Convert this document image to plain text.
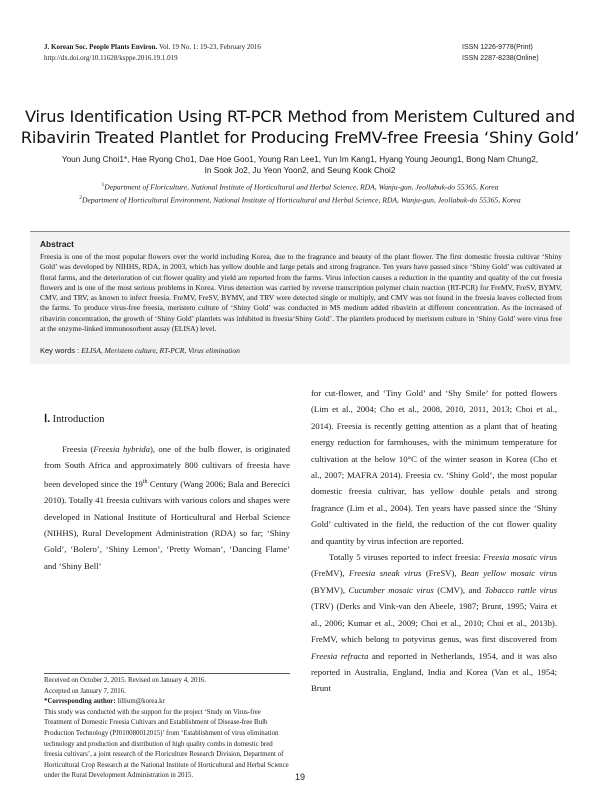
J. Korean Soc. People Plants Environ. Vol. 19 No. 1: 19-23, February 2016
http://dx.doi.org/10.11628/ksppe.2016.19.1.019
ISSN 1226-9778(Print)
ISSN 2287-8238(Online)
Virus Identification Using RT-PCR Method from Meristem Cultured and
Ribavirin Treated Plantlet for Producing FreMV-free Freesia ‘Shiny Gold’
Youn Jung Choi1*, Hae Ryong Cho1, Dae Hoe Goo1, Young Ran Lee1, Yun Im Kang1, Hyang Young Jeoung1, Bong Nam Chung2,
In Sook Jo2, Ju Yeon Yoon2, and Seung Kook Choi2
$^1$Department of Floriculture, National Institute of Horticultural and Herbal Science, RDA, Wanju-gun, Jeollabuk-do 55365, Korea
$^2$Department of Horticultural Environment, National Institute of Horticultural and Herbal Science, RDA, Wanju-gun, Jeollabuk-do 55365, Korea
Abstract
Freesia is one of the most popular flowers over the world including Korea, due to the fragrance and beauty of the plant flower. The first domestic freesia cultivar ‘Shiny Gold’ was developed by NIHHS, RDA, in 2003, which has yellow double and large petals and strong fragrance. Ten years have passed since ‘Shiny Gold’ was cultivated at floral farms, and the deterioration of cut flower quality and yield are reported from the farms. Virus infection causes a reduction in the quantity and quality of the cut freesia flowers and is one of the most serious problems in Korea. Virus detection was carried by reverse transcription polymer chain reaction (RT-PCR) for FreMV, FreSV, BYMV, CMV, and TRV, as known to infect freesia. FreMV, FreSV, BYMV, and TRV were detected single or multiply, and CMV was not found in the freesia leaves collected from the farms. To produce virus-free freesia, meristem culture of ‘Shiny Gold’ was conducted in MS medium added ribavirin at different concentration. As the increased of ribavirin concentration, the growth of ‘Shiny Gold’ plantlets was inhibited in freesia‘Shiny Gold’. The plantlets produced by meristem culture in ‘Shiny Gold’ were virus free at the enzyme-linked immunosorbent assay (ELISA) level.
Key words : ELISA, Meristem culture, RT-PCR, Virus elimination
Ⅰ. Introduction
Freesia (Freesia hybrida), one of the bulb flower, is originated from South Africa and approximately 800 cultivars of freesia have been developed since the 19th Century (Wang 2006; Bala and Berecici 2010). Totally 41 freesia cultivars with various colors and shapes were developed in National Institute of Horticultural and Herbal Science (NIHHS), Rural Development Administration (RDA) so far; ‘Shiny Gold’, ‘Bolero’, ‘Shiny Lemon’, ‘Pretty Woman’, ‘Dancing Flame’ and ‘Shiny Bell’
Received on October 2, 2015. Revised on January 4, 2016.
Accepted on January 7, 2016.
*Corresponding author: lillium@korea.kr
This study was conducted with the support for the project ‘Study on Virus-free Treatment of Domestic Freesia Cultivars and Establishment of Disease-free Bulb Production Technology (PJ010080012015)’ from ‘Establishment of virus elimination technology and production and distribution of high quality combs in domestic bred freesia cultivars’, a joint research of the Floriculture Research Division, Department of Horticultural Crop Research at the National Institute of Horticultural and Herbal Science under the Rural Development Administration in 2015.
for cut-flower, and ‘Tiny Gold’ and ‘Shy Smile’ for potted flowers (Lim et al., 2004; Cho et al., 2008, 2010, 2011, 2013; Choi et al., 2014). Freesia is recently getting attention as a plant that of heating energy reduction for farmhouses, with the minimum temperature for cultivation at the below 10°C of the winter season in Korea (Cho et al., 2007; MAFRA 2014). Freesia cv. ‘Shiny Gold’, the most popular domestic freesia cultivar, has yellow double petals and strong fragrance (Lim et al., 2004). Ten years have passed since the ‘Shiny Gold’ cultivated in the field, the reduction of the cut flower quality and quantity by virus infection are reported.
Totally 5 viruses reported to infect freesia: Freesia mosaic virus (FreMV), Freesia sneak virus (FreSV), Bean yellow mosaic virus (BYMV), Cucumber mosaic virus (CMV), and Tobacco rattle virus (TRV) (Derks and Vink-van den Abeele, 1987; Brunt, 1995; Vaira et al., 2006; Kumar et al., 2009; Choi et al., 2010; Choi et al., 2013b). FreMV, which belong to potyvirus genus, was first discovered from Freesia refracta and reported in Netherlands, 1954, and it was also reported in Australia, England, India and Korea (Van et al., 1954; Brunt
19
